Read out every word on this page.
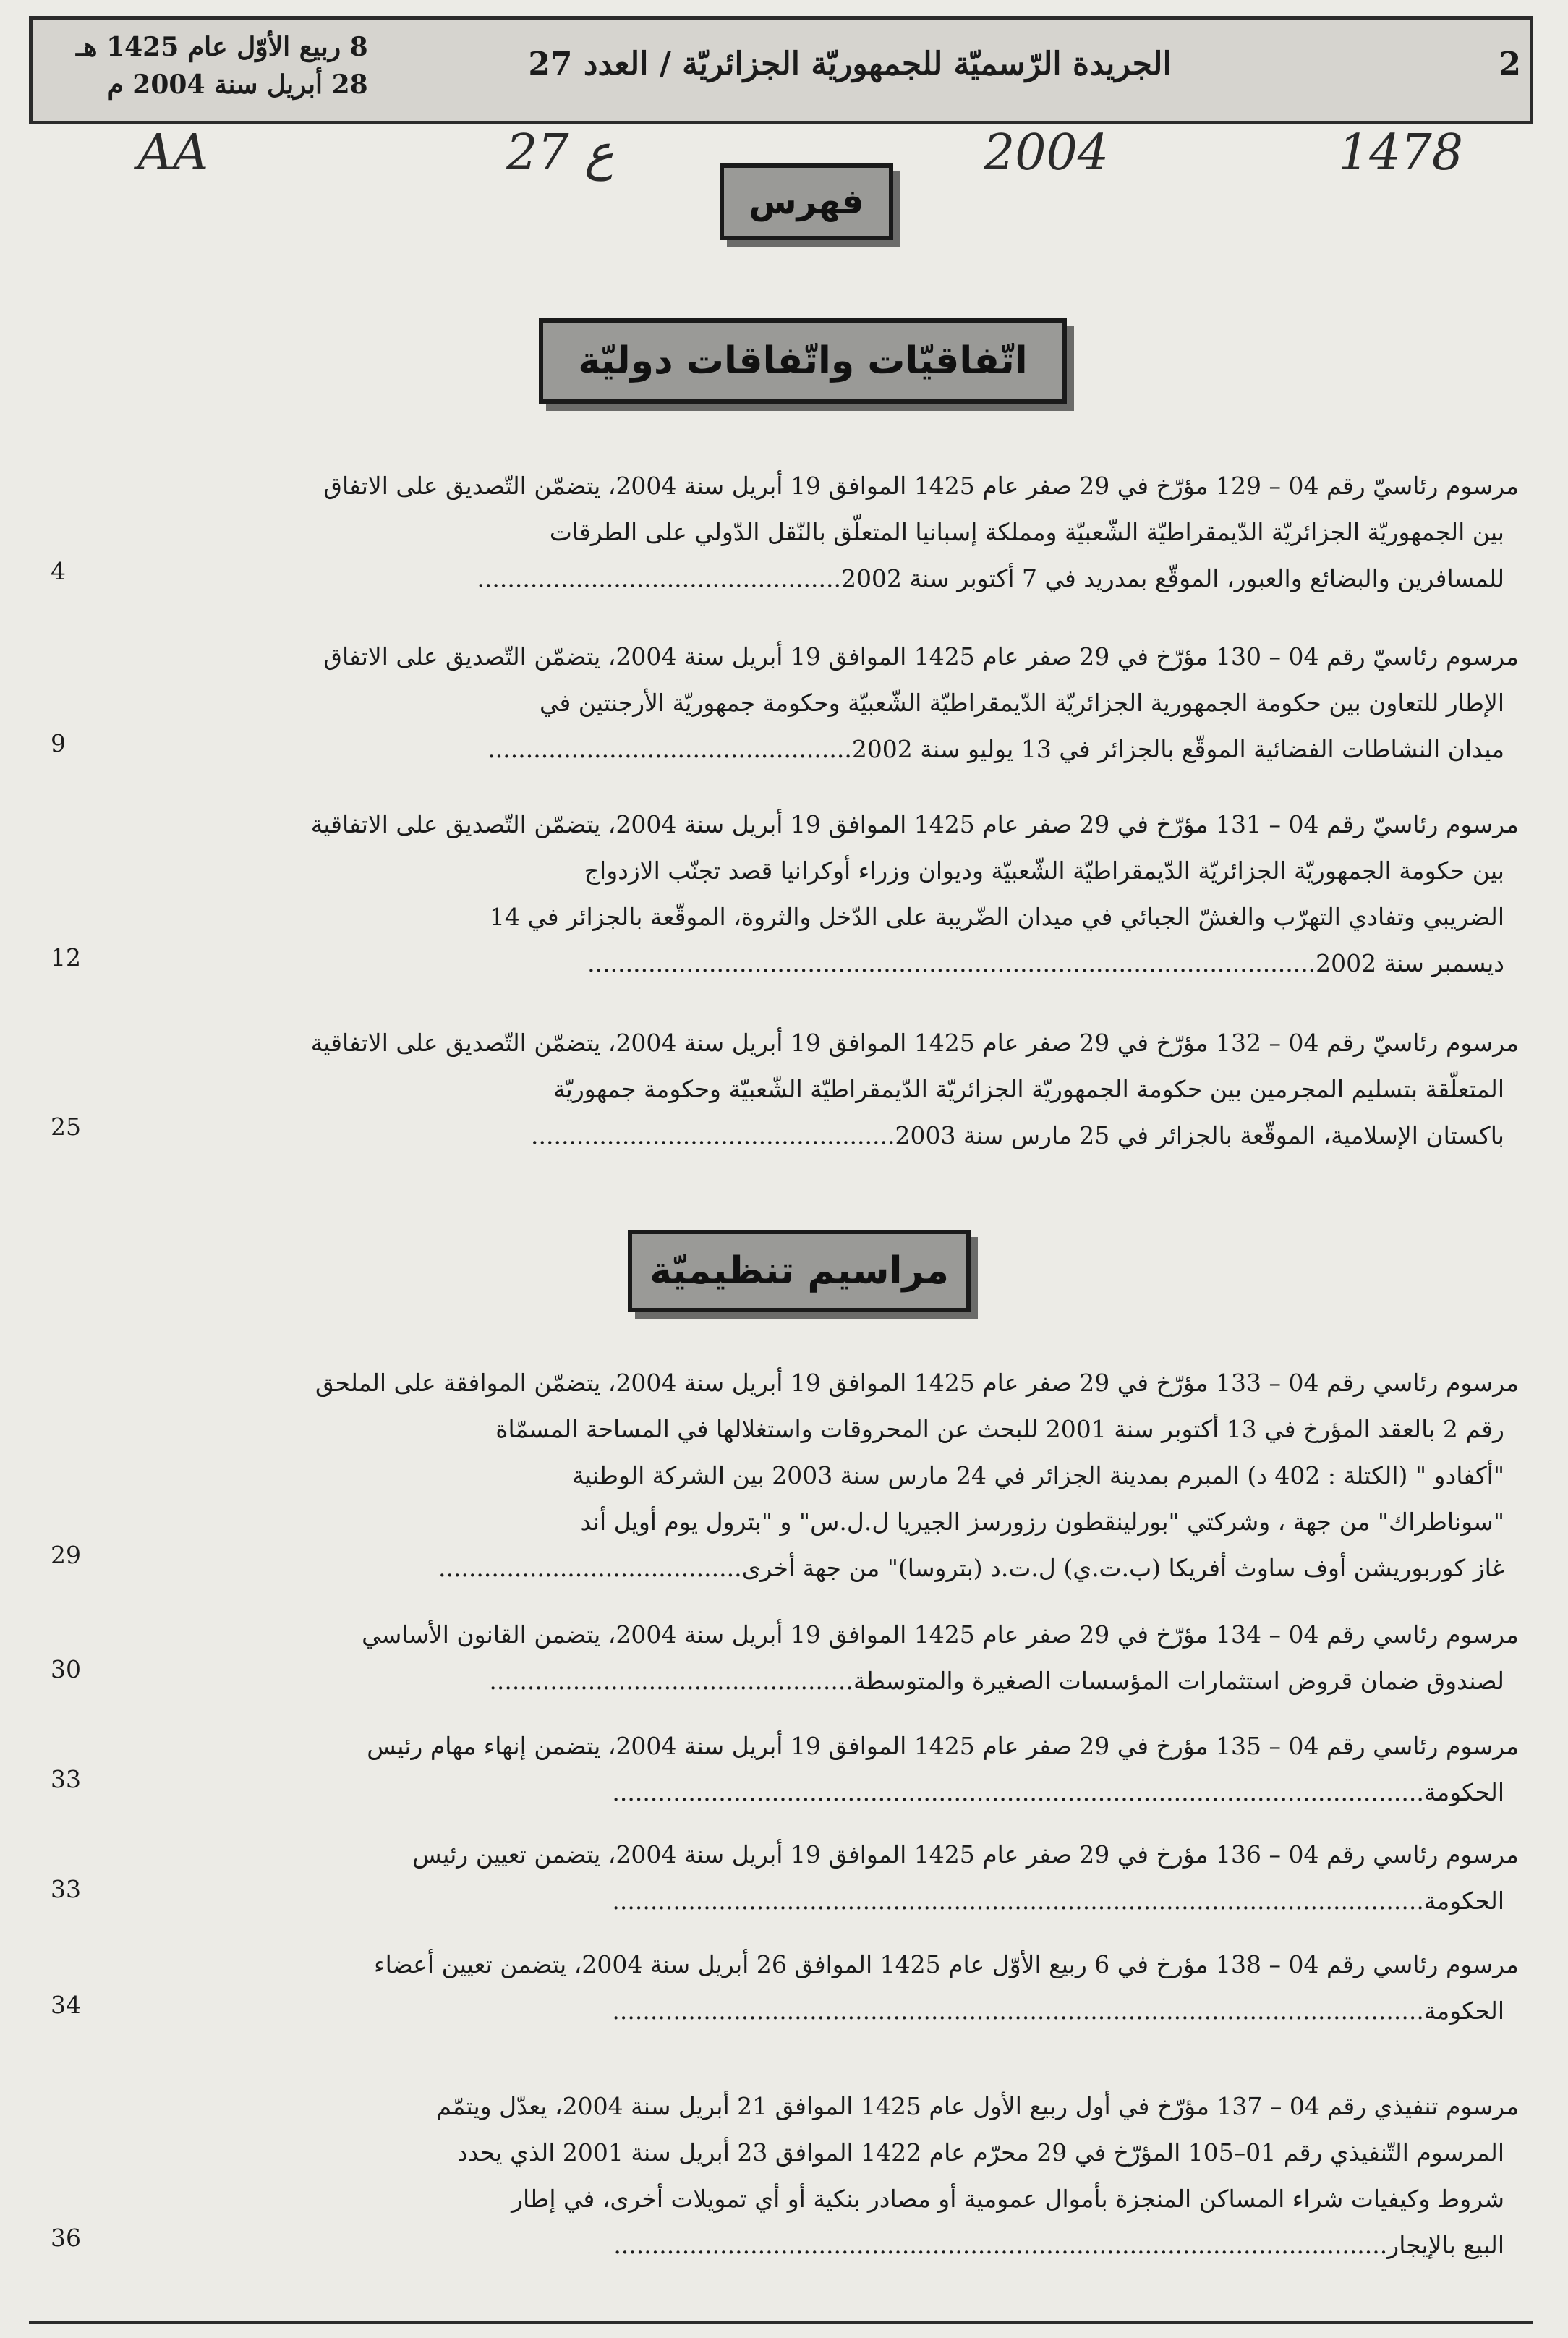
8 ربيع الأوّل عام 1425 هـ
28 أبريل سنة 2004 م
الجريدة الرّسميّة للجمهوريّة الجزائريّة / العدد 27	2
AA	27 ع	2004	1478
فهرس
اتّفاقيّات واتّفاقات دوليّة
مرسوم رئاسيّ رقم 04 – 129 مؤرّخ في 29 صفر عام 1425 الموافق 19 أبريل سنة 2004، يتضمّن التّصديق على الاتفاق
بين الجمهوريّة الجزائريّة الدّيمقراطيّة الشّعبيّة ومملكة إسبانيا المتعلّق بالنّقل الدّولي على الطرقات
للمسافرين والبضائع والعبور، الموقّع بمدريد في 7 أكتوبر سنة 2002................................................
4
مرسوم رئاسيّ رقم 04 – 130 مؤرّخ في 29 صفر عام 1425 الموافق 19 أبريل سنة 2004، يتضمّن التّصديق على الاتفاق
الإطار للتعاون بين حكومة الجمهورية الجزائريّة الدّيمقراطيّة الشّعبيّة وحكومة جمهوريّة الأرجنتين في
ميدان النشاطات الفضائية الموقّع بالجزائر في 13 يوليو سنة 2002................................................
9
مرسوم رئاسيّ رقم 04 – 131 مؤرّخ في 29 صفر عام 1425 الموافق 19 أبريل سنة 2004، يتضمّن التّصديق على الاتفاقية
بين حكومة الجمهوريّة الجزائريّة الدّيمقراطيّة الشّعبيّة وديوان وزراء أوكرانيا قصد تجنّب الازدواج
الضريبي وتفادي التهرّب والغشّ الجبائي في ميدان الضّريبة على الدّخل والثروة، الموقّعة بالجزائر في 14
ديسمبر سنة 2002................................................................................................
12
مرسوم رئاسيّ رقم 04 – 132 مؤرّخ في 29 صفر عام 1425 الموافق 19 أبريل سنة 2004، يتضمّن التّصديق على الاتفاقية
المتعلّقة بتسليم المجرمين بين حكومة الجمهوريّة الجزائريّة الدّيمقراطيّة الشّعبيّة وحكومة جمهوريّة
باكستان الإسلامية، الموقّعة بالجزائر في 25 مارس سنة 2003................................................
25
مراسيم تنظيميّة
مرسوم رئاسي رقم 04 – 133 مؤرّخ في 29 صفر عام 1425 الموافق 19 أبريل سنة 2004، يتضمّن الموافقة على الملحق
رقم 2 بالعقد المؤرخ في 13 أكتوبر سنة 2001 للبحث عن المحروقات واستغلالها في المساحة المسمّاة
"أكفادو " (الكتلة : 402 د) المبرم بمدينة الجزائر في 24 مارس سنة 2003 بين الشركة الوطنية
"سوناطراك" من جهة ، وشركتي "بورلينقطون رزورسز الجيريا ل.ل.س" و "بترول يوم أويل أند
غاز كوربوريشن أوف ساوث أفريكا (ب.ت.ي) ل.ت.د (بتروسا)" من جهة أخرى........................................
29
مرسوم رئاسي رقم 04 – 134 مؤرّخ في 29 صفر عام 1425 الموافق 19 أبريل سنة 2004، يتضمن القانون الأساسي
لصندوق ضمان قروض استثمارات المؤسسات الصغيرة والمتوسطة................................................
30
مرسوم رئاسي رقم 04 – 135 مؤرخ في 29 صفر عام 1425 الموافق 19 أبريل سنة 2004، يتضمن إنهاء مهام رئيس
الحكومة...........................................................................................................
33
مرسوم رئاسي رقم 04 – 136 مؤرخ في 29 صفر عام 1425 الموافق 19 أبريل سنة 2004، يتضمن تعيين رئيس
الحكومة...........................................................................................................
33
مرسوم رئاسي رقم 04 – 138 مؤرخ في 6 ربيع الأوّل عام 1425 الموافق 26 أبريل سنة 2004، يتضمن تعيين أعضاء
الحكومة...........................................................................................................
34
مرسوم تنفيذي رقم 04 – 137 مؤرّخ في أول ربيع الأول عام 1425 الموافق 21 أبريل سنة 2004، يعدّل ويتمّم
المرسوم التّنفيذي رقم 01–105 المؤرّخ في 29 محرّم عام 1422 الموافق 23 أبريل سنة 2001 الذي يحدد
شروط وكيفيات شراء المساكن المنجزة بأموال عمومية أو مصادر بنكية أو أي تمويلات أخرى، في إطار
البيع بالإيجار......................................................................................................
36
